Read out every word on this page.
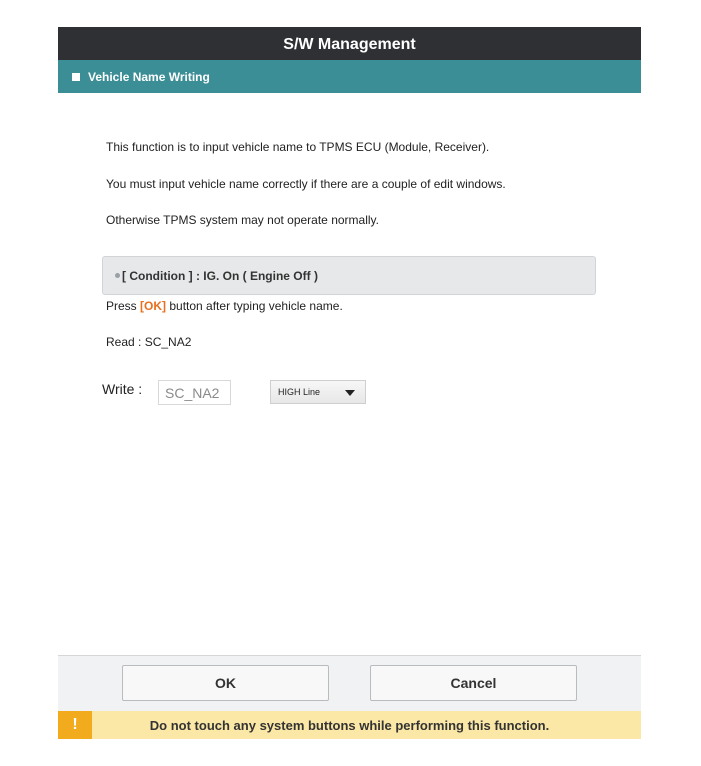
S/W Management
Vehicle Name Writing
This function is to input vehicle name to TPMS ECU (Module, Receiver).
You must input vehicle name correctly if there are a couple of edit windows.
Otherwise TPMS system may not operate normally.
[ Condition ] : IG. On ( Engine Off )
Press [OK] button after typing vehicle name.
Read : SC_NA2
Write :
SC_NA2	HIGH Line
OK	Cancel
!	Do not touch any system buttons while performing this function.
